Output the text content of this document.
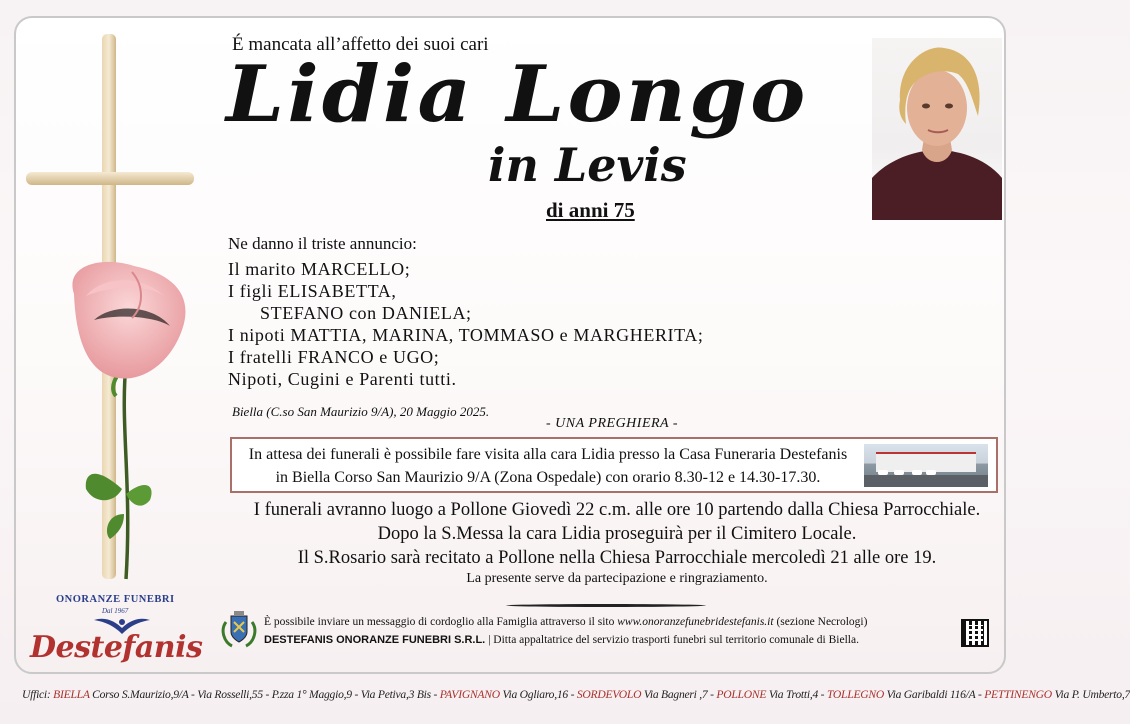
ONORANZE FUNEBRI
Dal 1967
Destefanis
É mancata all’affetto dei suoi cari
Lidia Longo
in Levis
di anni 75
Ne danno il triste annuncio:
Il marito MARCELLO;
I figli ELISABETTA,
STEFANO con DANIELA;
I nipoti MATTIA, MARINA, TOMMASO e MARGHERITA;
I fratelli FRANCO e UGO;
Nipoti, Cugini e Parenti tutti.
Biella (C.so San Maurizio 9/A), 20 Maggio 2025.
- UNA PREGHIERA -
In attesa dei funerali è possibile fare visita alla cara Lidia presso la Casa Funeraria Destefanis
in Biella Corso San Maurizio 9/A (Zona Ospedale) con orario 8.30-12 e 14.30-17.30.
I funerali avranno luogo a Pollone Giovedì 22 c.m. alle ore 10 partendo dalla Chiesa Parrocchiale.
Dopo la S.Messa la cara Lidia proseguirà per il Cimitero Locale.
Il S.Rosario sarà recitato a Pollone nella Chiesa Parrocchiale mercoledì 21 alle ore 19.
La presente serve da partecipazione e ringraziamento.
È possibile inviare un messaggio di cordoglio alla Famiglia attraverso il sito www.onoranzefunebridestefanis.it (sezione Necrologi)
DESTEFANIS ONORANZE FUNEBRI S.R.L. | Ditta appaltatrice del servizio trasporti funebri sul territorio comunale di Biella.
Uffici: BIELLA Corso S.Maurizio,9/A - Via Rosselli,55 - P.zza 1° Maggio,9 - Via Petiva,3 Bis - PAVIGNANO Via Ogliaro,16 - SORDEVOLO Via Bagneri ,7 - POLLONE Via Trotti,4 - TOLLEGNO Via Garibaldi 116/A - PETTINENGO Via P. Umberto,7
